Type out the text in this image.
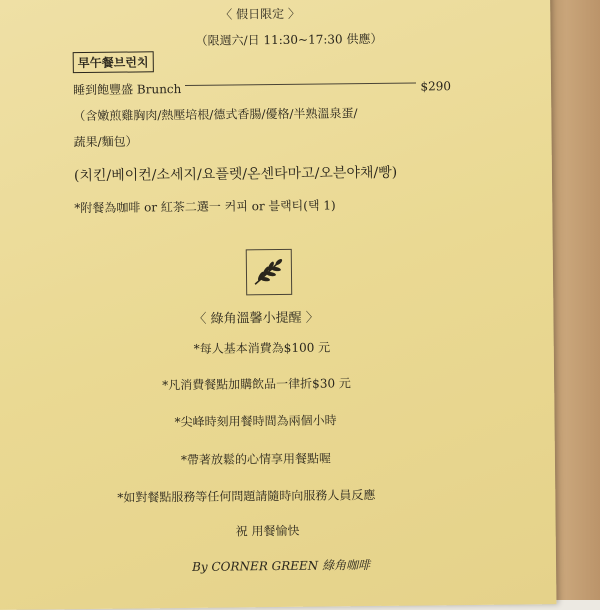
〈 假日限定 〉
（限週六/日 11:30~17:30 供應）
早午餐브런치
睡到飽豐盛 Brunch	$290
（含嫩煎雞胸肉/熱壓培根/德式香腸/優格/半熟溫泉蛋/
蔬果/麵包）
(치킨/베이컨/소세지/요플렛/온센타마고/오븐야채/빵)
*附餐為咖啡 or 紅茶二選一 커피 or 블랙티(택 1)
〈 綠角溫馨小提醒 〉
*每人基本消費為$100 元
*凡消費餐點加購飲品一律折$30 元
*尖峰時刻用餐時間為兩個小時
*帶著放鬆的心情享用餐點喔
*如對餐點服務等任何問題請隨時向服務人員反應
祝 用餐愉快
By CORNER GREEN 綠角咖啡
